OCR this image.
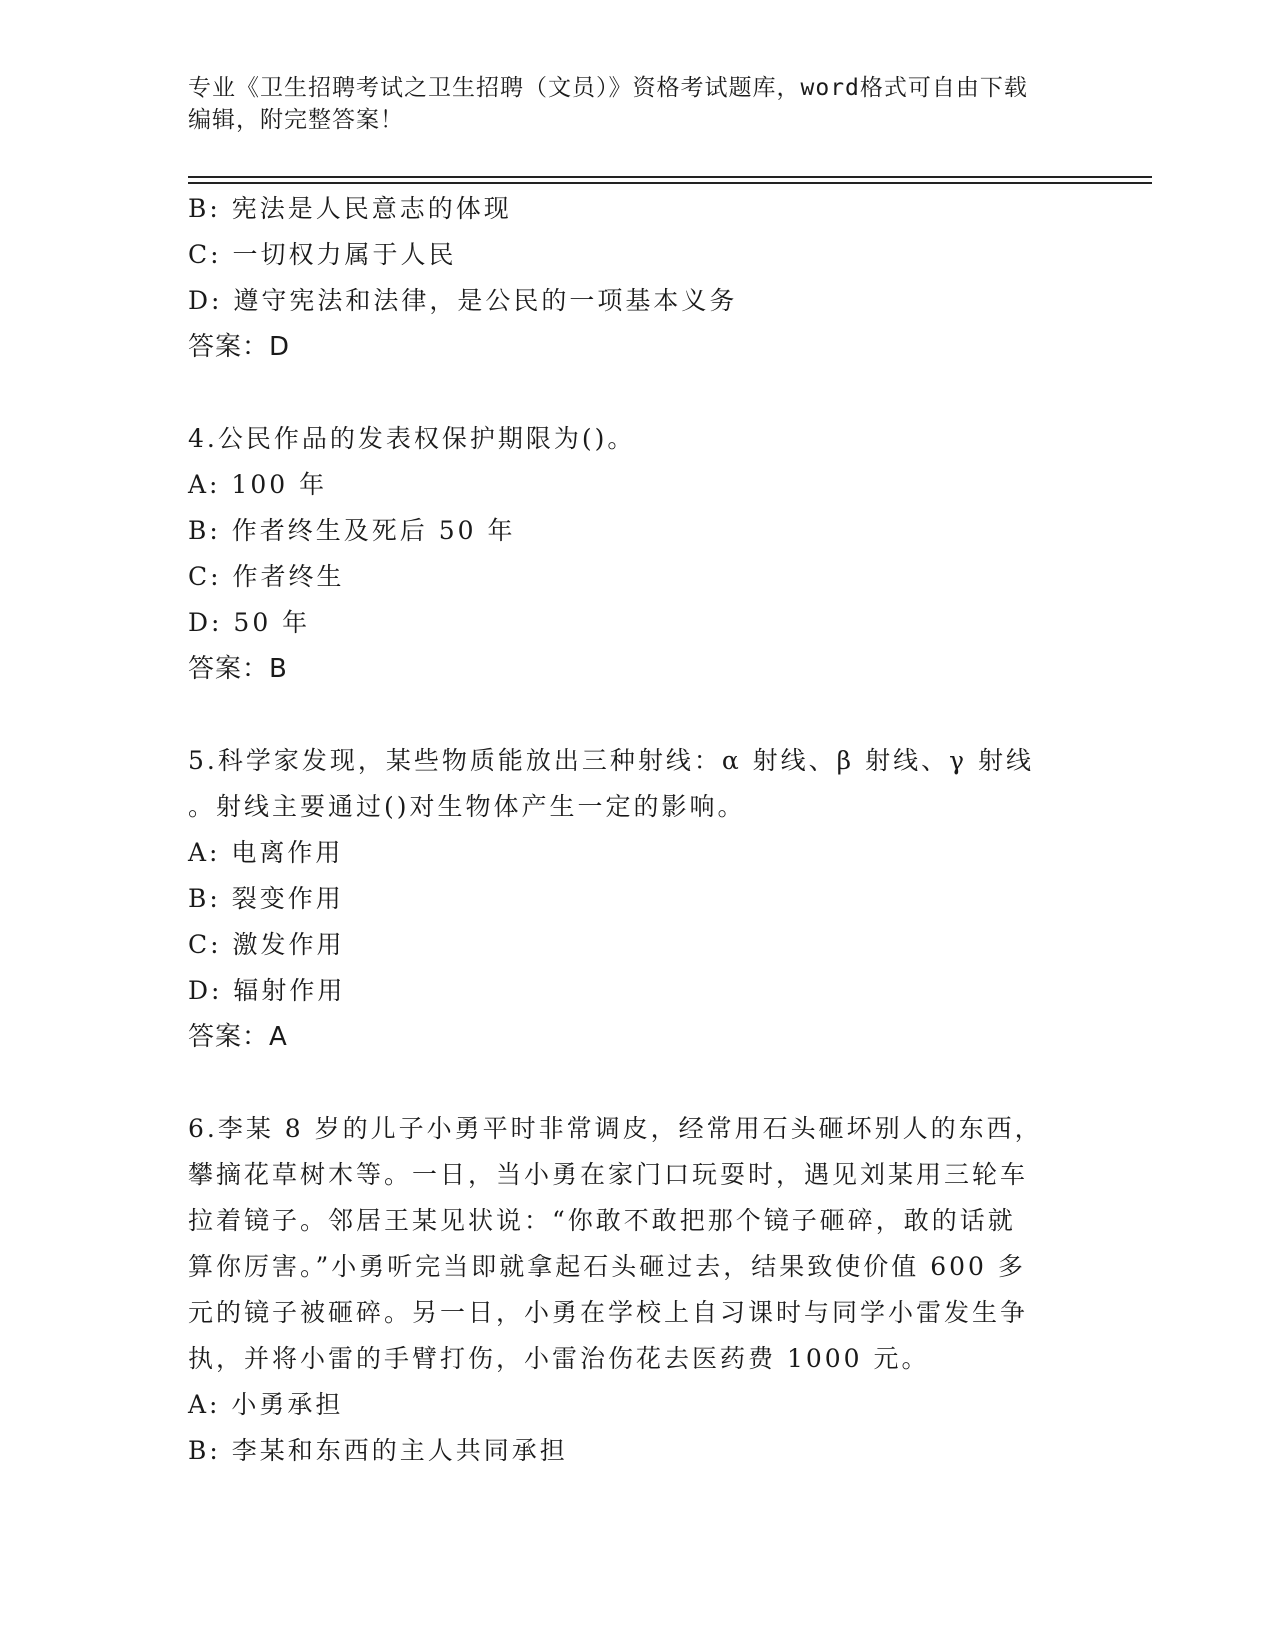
专业《卫生招聘考试之卫生招聘（文员）》资格考试题库，word格式可自由下载
编辑，附完整答案！

B: 宪法是人民意志的体现

C: 一切权力属于人民

D: 遵守宪法和法律，是公民的一项基本义务

答案：D

4.公民作品的发表权保护期限为()。

A: 100 年

B: 作者终生及死后 50 年

C: 作者终生

D: 50 年

答案：B

5.科学家发现，某些物质能放出三种射线：α 射线、β 射线、γ 射线

。射线主要通过()对生物体产生一定的影响。

A: 电离作用

B: 裂变作用

C: 激发作用

D: 辐射作用

答案：A

6.李某 8 岁的儿子小勇平时非常调皮，经常用石头砸坏别人的东西，

攀摘花草树木等。一日，当小勇在家门口玩耍时，遇见刘某用三轮车

拉着镜子。邻居王某见状说：“你敢不敢把那个镜子砸碎，敢的话就

算你厉害。”小勇听完当即就拿起石头砸过去，结果致使价值 600 多

元的镜子被砸碎。另一日，小勇在学校上自习课时与同学小雷发生争

执，并将小雷的手臂打伤，小雷治伤花去医药费 1000 元。

A: 小勇承担

B: 李某和东西的主人共同承担
